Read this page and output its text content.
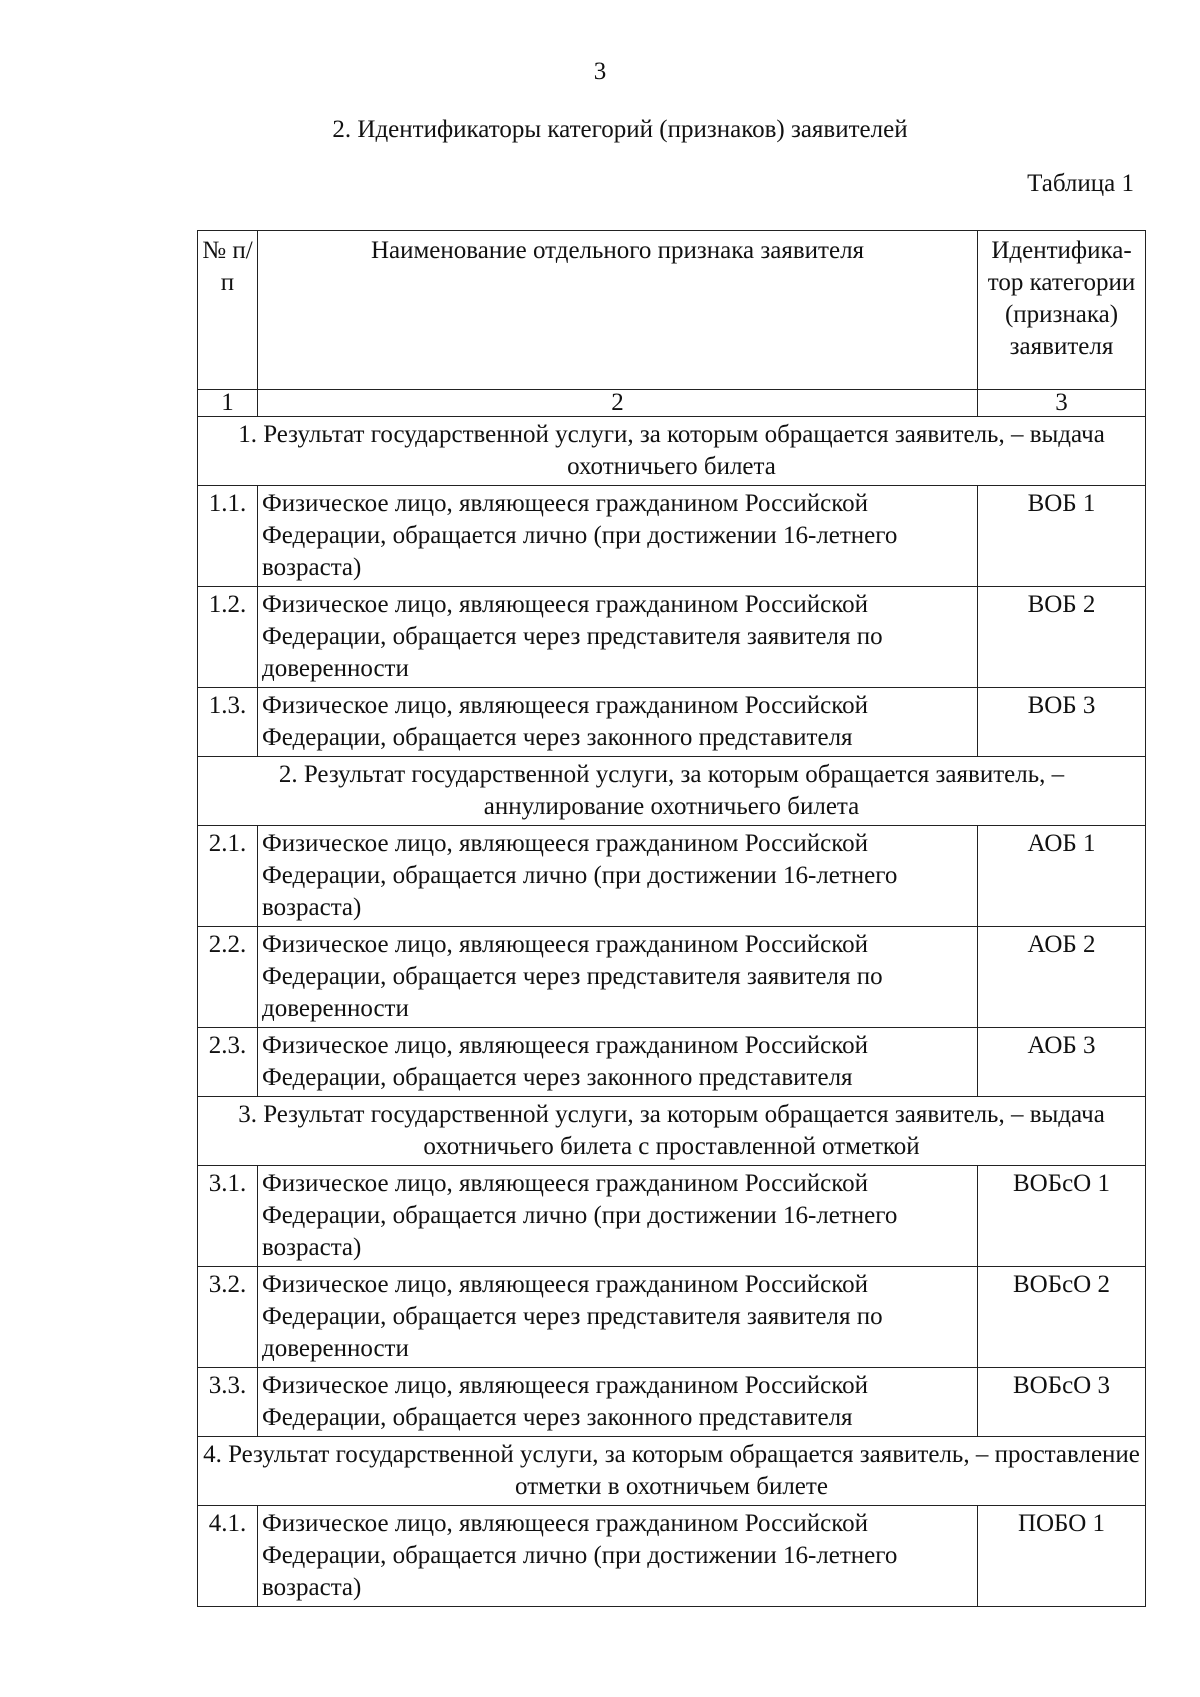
3
2. Идентификаторы категорий (признаков) заявителей
Таблица 1
№ п/п	Наименование отдельного признака заявителя	Идентифика-тор категории (признака) заявителя
1	2	3
1. Результат государственной услуги, за которым обращается заявитель, – выдача охотничьего билета		
1.1.	Физическое лицо, являющееся гражданином Российской Федерации, обращается лично (при достижении 16-летнего возраста)	ВОБ 1
1.2.	Физическое лицо, являющееся гражданином Российской Федерации, обращается через представителя заявителя по доверенности	ВОБ 2
1.3.	Физическое лицо, являющееся гражданином Российской Федерации, обращается через законного представителя	ВОБ 3
2. Результат государственной услуги, за которым обращается заявитель, – аннулирование охотничьего билета		
2.1.	Физическое лицо, являющееся гражданином Российской Федерации, обращается лично (при достижении 16-летнего возраста)	АОБ 1
2.2.	Физическое лицо, являющееся гражданином Российской Федерации, обращается через представителя заявителя по доверенности	АОБ 2
2.3.	Физическое лицо, являющееся гражданином Российской Федерации, обращается через законного представителя	АОБ 3
3. Результат государственной услуги, за которым обращается заявитель, – выдача охотничьего билета с проставленной отметкой		
3.1.	Физическое лицо, являющееся гражданином Российской Федерации, обращается лично (при достижении 16-летнего возраста)	ВОБсО 1
3.2.	Физическое лицо, являющееся гражданином Российской Федерации, обращается через представителя заявителя по доверенности	ВОБсО 2
3.3.	Физическое лицо, являющееся гражданином Российской Федерации, обращается через законного представителя	ВОБсО 3
4. Результат государственной услуги, за которым обращается заявитель, – проставление отметки в охотничьем билете		
4.1.	Физическое лицо, являющееся гражданином Российской Федерации, обращается лично (при достижении 16-летнего возраста)	ПОБО 1
